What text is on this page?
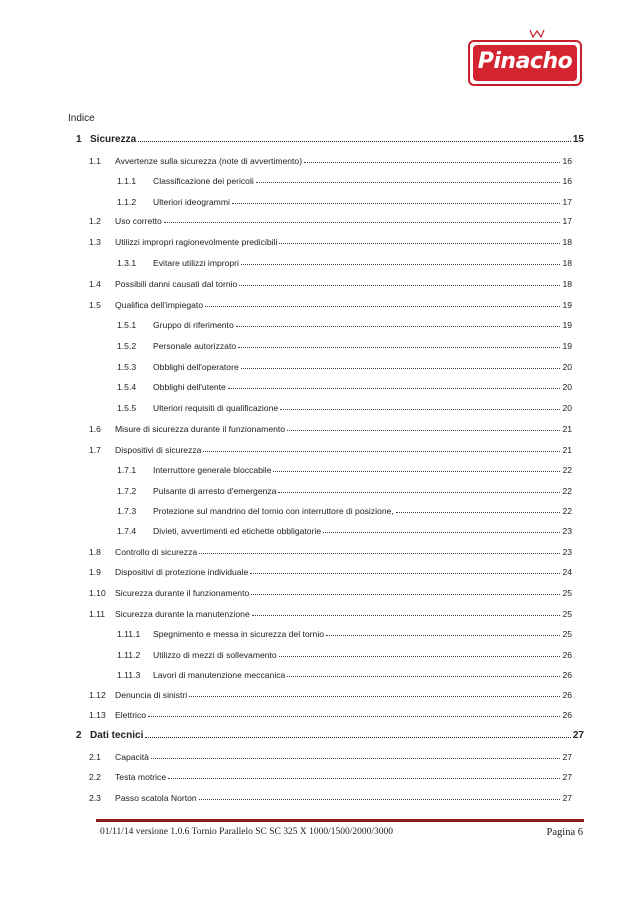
Pinacho
Indice
1 Sicurezza	15
1.1	Avvertenze sulla sicurezza (note di avvertimento)	16
1.1.1	Classificazione dei pericoli	16
1.1.2	Ulteriori ideogrammi	17
1.2	Uso corretto	17
1.3	Utilizzi impropri ragionevolmente predicibili	18
1.3.1	Evitare utilizzi impropri	18
1.4	Possibili danni causati dal tornio	18
1.5	Qualifica dell'impiegato	19
1.5.1	Gruppo di riferimento	19
1.5.2	Personale autorizzato	19
1.5.3	Obblighi dell'operatore	20
1.5.4	Obblighi dell'utente	20
1.5.5	Ulteriori requisiti di qualificazione	20
1.6	Misure di sicurezza durante il funzionamento	21
1.7	Dispositivi di sicurezza	21
1.7.1	Interruttore generale bloccabile	22
1.7.2	Pulsante di arresto d'emergenza	22
1.7.3	Protezione sul mandrino del tornio con interruttore di posizione,	22
1.7.4	Divieti, avvertimenti ed etichette obbligatorie	23
1.8	Controllo di sicurezza	23
1.9	Dispositivi di protezione individuale	24
1.10	Sicurezza durante il funzionamento	25
1.11	Sicurezza durante la manutenzione	25
1.11.1	Spegnimento e messa in sicurezza del tornio	25
1.11.2	Utilizzo di mezzi di sollevamento	26
1.11.3	Lavori di manutenzione meccanica	26
1.12	Denuncia di sinistri	26
1.13	Elettrico	26
2 Dati tecnici	27
2.1	Capacità	27
2.2	Testa motrice	27
2.3	Passo scatola Norton	27
01/11/14 versione 1.0.6 Tornio Parallelo SC SC 325 X 1000/1500/2000/3000	Pagina 6
